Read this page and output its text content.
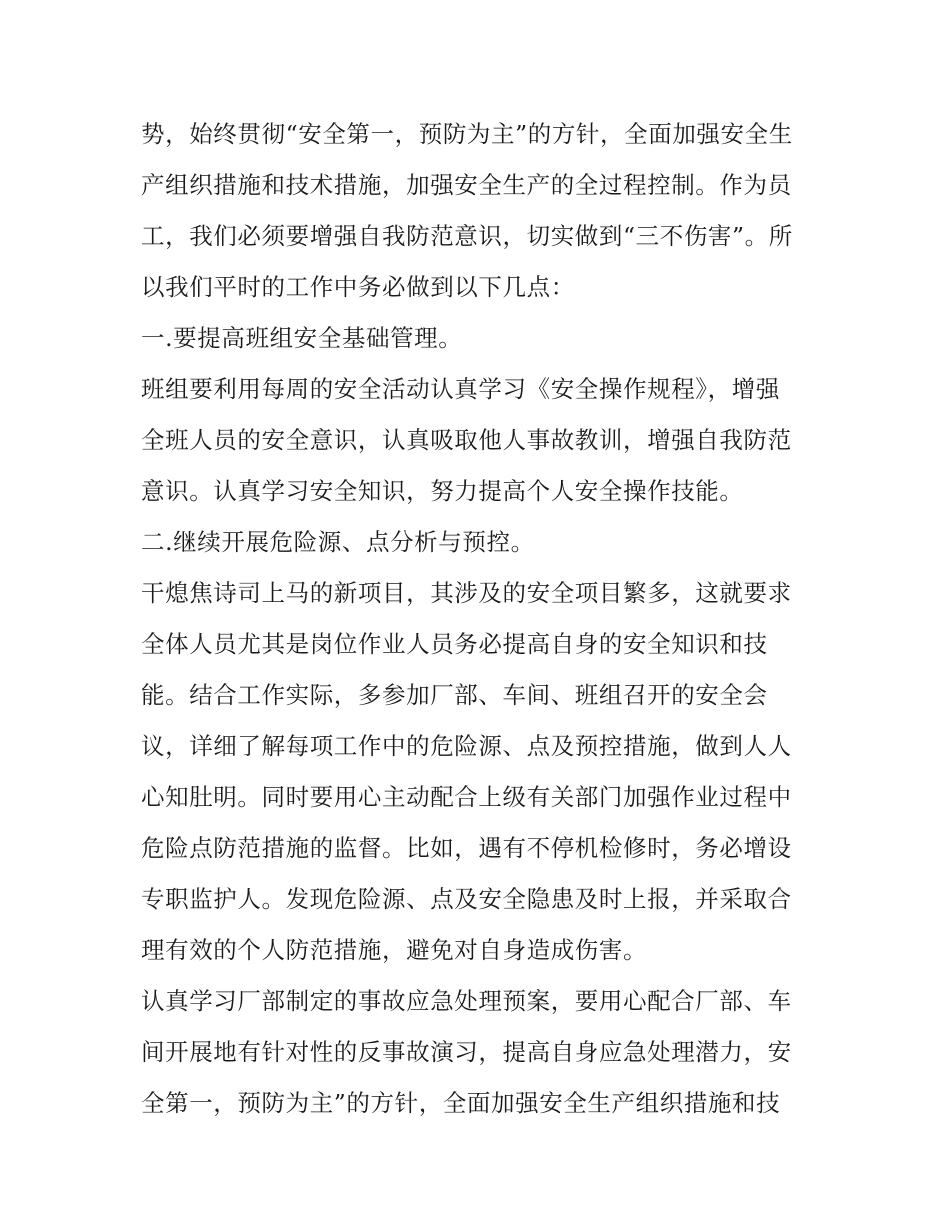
势，始终贯彻“安全第一，预防为主”的方针，全面加强安全生
产组织措施和技术措施，加强安全生产的全过程控制。作为员
工，我们必须要增强自我防范意识，切实做到“三不伤害”。所
以我们平时的工作中务必做到以下几点：
一.要提高班组安全基础管理。
班组要利用每周的安全活动认真学习《安全操作规程》，增强
全班人员的安全意识，认真吸取他人事故教训，增强自我防范
意识。认真学习安全知识，努力提高个人安全操作技能。
二.继续开展危险源、点分析与预控。
干熄焦诗司上马的新项目，其涉及的安全项目繁多，这就要求
全体人员尤其是岗位作业人员务必提高自身的安全知识和技
能。结合工作实际，多参加厂部、车间、班组召开的安全会
议，详细了解每项工作中的危险源、点及预控措施，做到人人
心知肚明。同时要用心主动配合上级有关部门加强作业过程中
危险点防范措施的监督。比如，遇有不停机检修时，务必增设
专职监护人。发现危险源、点及安全隐患及时上报，并采取合
理有效的个人防范措施，避免对自身造成伤害。
认真学习厂部制定的事故应急处理预案，要用心配合厂部、车
间开展地有针对性的反事故演习，提高自身应急处理潜力，安
全第一，预防为主”的方针，全面加强安全生产组织措施和技
